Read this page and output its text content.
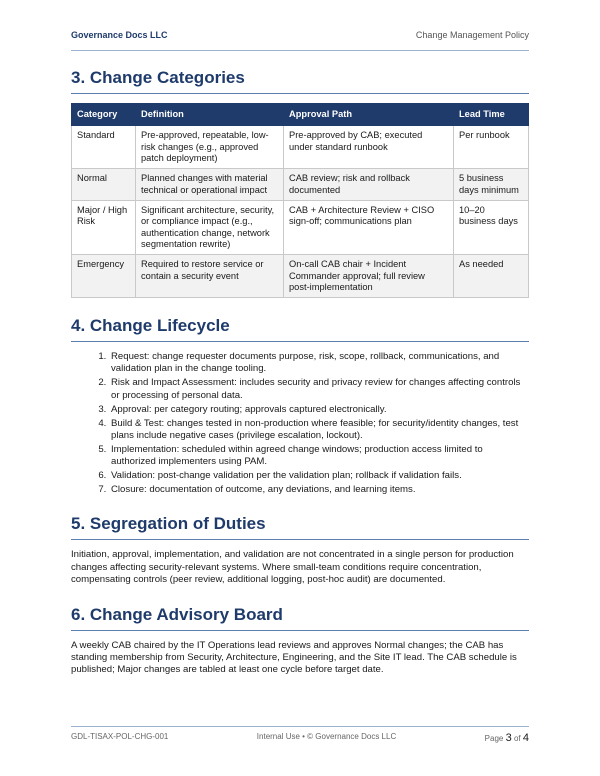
Governance Docs LLC	Change Management Policy
3. Change Categories
Category	Definition	Approval Path	Lead Time
Standard	Pre-approved, repeatable, low-risk changes (e.g., approved patch deployment)	Pre-approved by CAB; executed under standard runbook	Per runbook
Normal	Planned changes with material technical or operational impact	CAB review; risk and rollback documented	5 business days minimum
Major / High Risk	Significant architecture, security, or compliance impact (e.g., authentication change, network segmentation rewrite)	CAB + Architecture Review + CISO sign-off; communications plan	10–20 business days
Emergency	Required to restore service or contain a security event	On-call CAB chair + Incident Commander approval; full review post-implementation	As needed
4. Change Lifecycle
1. Request: change requester documents purpose, risk, scope, rollback, communications, and validation plan in the change tooling.
2. Risk and Impact Assessment: includes security and privacy review for changes affecting controls or processing of personal data.
3. Approval: per category routing; approvals captured electronically.
4. Build & Test: changes tested in non-production where feasible; for security/identity changes, test plans include negative cases (privilege escalation, lockout).
5. Implementation: scheduled within agreed change windows; production access limited to authorized implementers using PAM.
6. Validation: post-change validation per the validation plan; rollback if validation fails.
7. Closure: documentation of outcome, any deviations, and learning items.
5. Segregation of Duties

Initiation, approval, implementation, and validation are not concentrated in a single person for production changes affecting security-relevant systems. Where small-team conditions require concentration, compensating controls (peer review, additional logging, post-hoc audit) are documented.

6. Change Advisory Board

A weekly CAB chaired by the IT Operations lead reviews and approves Normal changes; the CAB has standing membership from Security, Architecture, Engineering, and the Site IT lead. The CAB schedule is published; Major changes are tabled at least one cycle before target date.

GDL-TISAX-POL-CHG-001	Internal Use • © Governance Docs LLC	Page 3 of 4
